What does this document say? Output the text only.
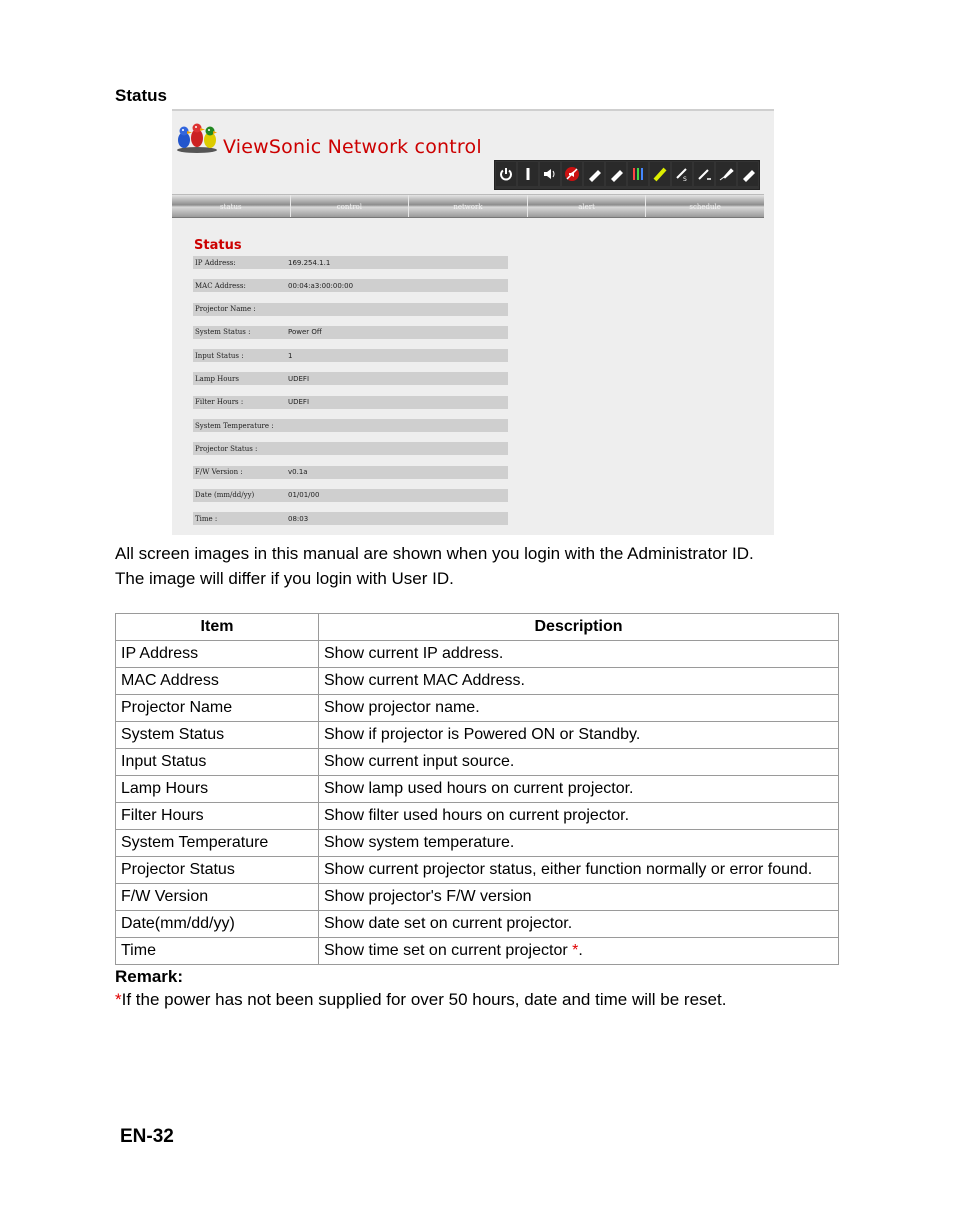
Status
ViewSonic Network control
S
status	control	network	alert	schedule
Status
IP Address:	169.254.1.1
MAC Address:	00:04:a3:00:00:00
Projector Name :
System Status :	Power Off
Input Status :	1
Lamp Hours	UDEFI
Filter Hours :	UDEFI
System Temperature :
Projector Status :
F/W Version :	v0.1a
Date (mm/dd/yy)	01/01/00
Time :	08:03
All screen images in this manual are shown when you login with the Administrator ID.
The image will differ if you login with User ID.
Item	Description
IP Address	Show current IP address.
MAC Address	Show current MAC Address.
Projector Name	Show projector name.
System Status	Show if projector is Powered ON or Standby.
Input Status	Show current input source.
Lamp Hours	Show lamp used hours on current projector.
Filter Hours	Show filter used hours on current projector.
System Temperature	Show system temperature.
Projector Status	Show current projector status, either function normally or error found.
F/W Version	Show projector's F/W version
Date(mm/dd/yy)	Show date set on current projector.
Time	Show time set on current projector *.
Remark:
*If the power has not been supplied for over 50 hours, date and time will be reset.
EN-32
